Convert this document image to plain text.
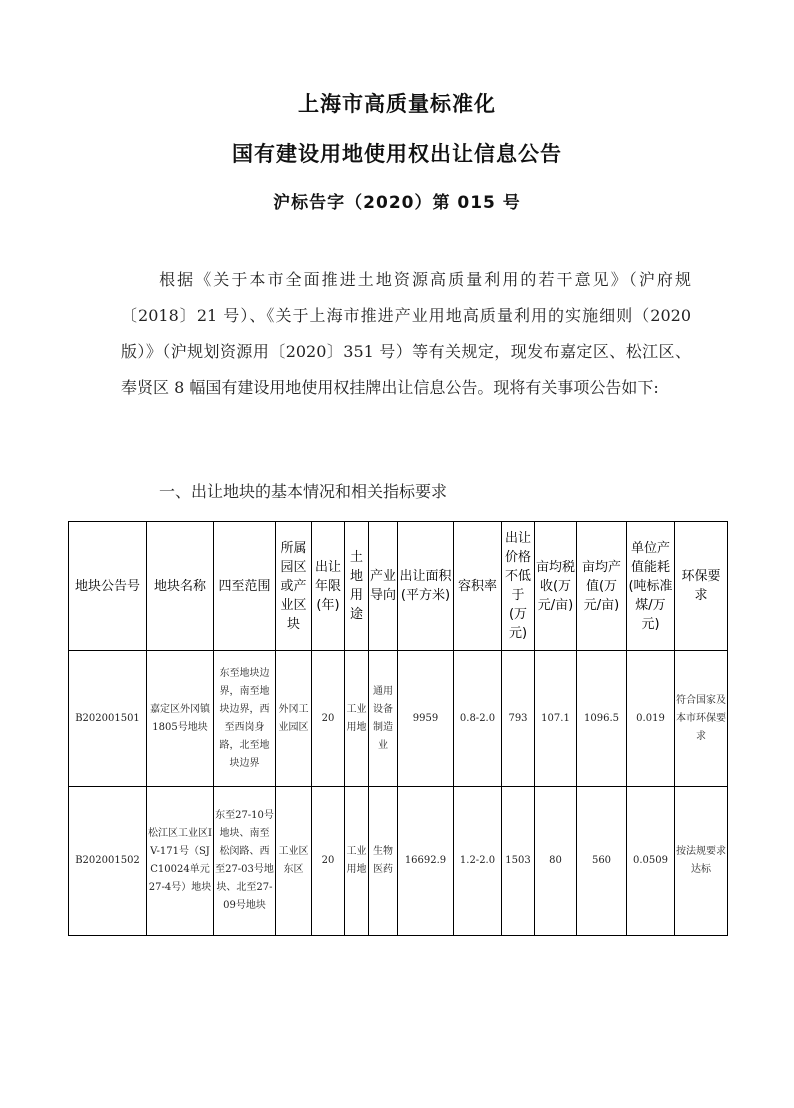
上海市高质量标准化
国有建设用地使用权出让信息公告
沪标告字（2020）第 015 号
根据《关于本市全面推进土地资源高质量利用的若干意见》（沪府规〔2018〕21 号）、《关于上海市推进产业用地高质量利用的实施细则（2020 版）》（沪规划资源用〔2020〕351 号）等有关规定，现发布嘉定区、松江区、奉贤区 8 幅国有建设用地使用权挂牌出让信息公告。现将有关事项公告如下:
一、出让地块的基本情况和相关指标要求
地块公告号	地块名称	四至范围	所属园区或产业区块	出让年限(年)	土地用途	产业导向	出让面积(平方米)	容积率	出让价格不低于(万元)	亩均税收(万元/亩)	亩均产值(万元/亩)	单位产值能耗(吨标准煤/万元)	环保要求
B202001501	嘉定区外冈镇1805号地块	东至地块边界，南至地块边界，西至西岗身路，北至地块边界	外冈工业园区	20	工业用地	通用设备制造业	9959	0.8-2.0	793	107.1	1096.5	0.019	符合国家及本市环保要求
B202001502	松江区工业区IV-171号（SJC10024单元27-4号）地块	东至27-10号地块、南至松闵路、西至27-03号地块、北至27-09号地块	工业区东区	20	工业用地	生物医药	16692.9	1.2-2.0	1503	80	560	0.0509	按法规要求达标
